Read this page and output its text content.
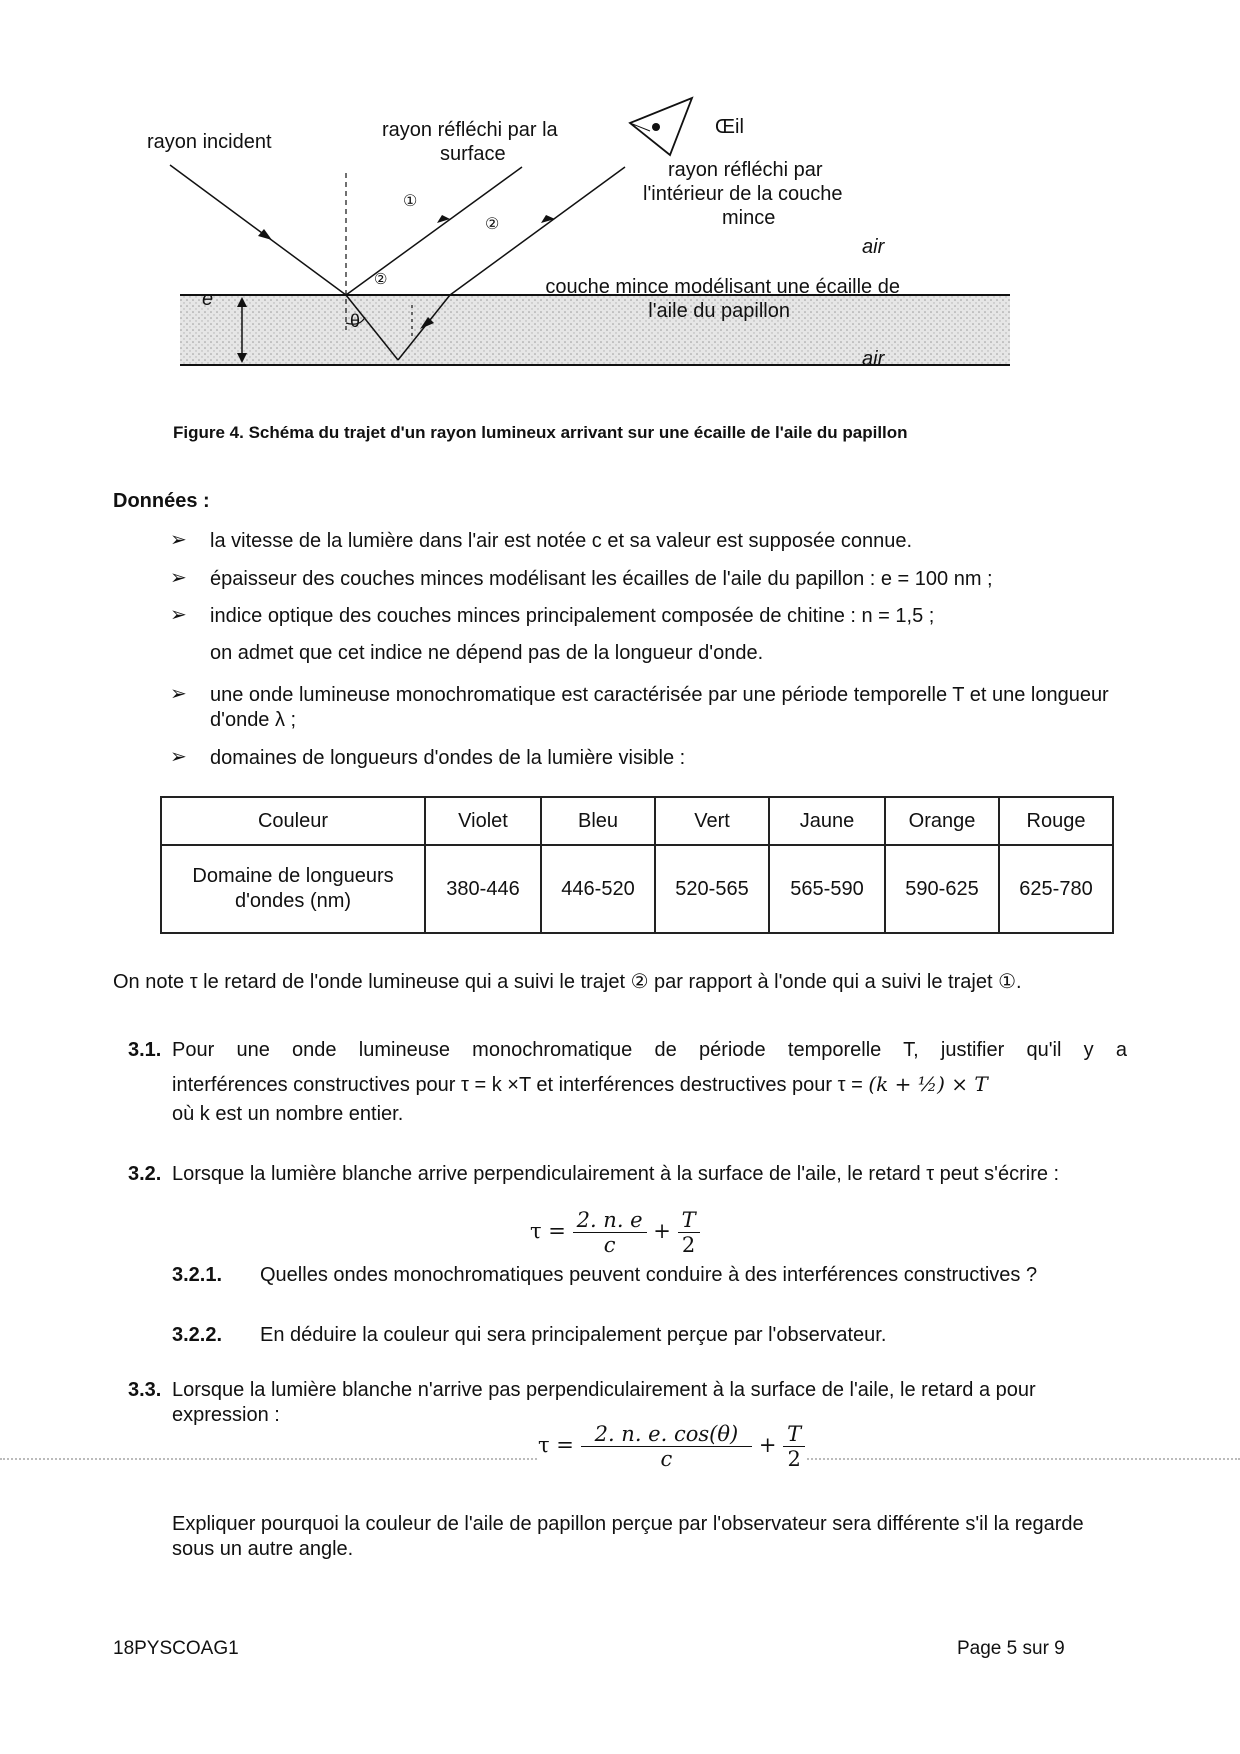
rayon incident
rayon réfléchi par la
surface
Œil
rayon réfléchi par
l'intérieur de la couche
mince
air
air
e
θ
①
②
②	couche mince modélisant une écaille de
l'aile du papillon
Figure 4. Schéma du trajet d'un rayon lumineux arrivant sur une écaille de l'aile du papillon
Données :
➢ la vitesse de la lumière dans l'air est notée c et sa valeur est supposée connue.
➢ épaisseur des couches minces modélisant les écailles de l'aile du papillon : e = 100 nm ;
➢ indice optique des couches minces principalement composée de chitine : n = 1,5 ;
on admet que cet indice ne dépend pas de la longueur d'onde.
➢ une onde lumineuse monochromatique est caractérisée par une période temporelle T et une longueur d'onde λ ;
➢ domaines de longueurs d'ondes de la lumière visible :
Couleur	Violet	Bleu	Vert	Jaune	Orange	Rouge
Domaine de longueurs d'ondes (nm)	380-446	446-520	520-565	565-590	590-625	625-780
On note τ le retard de l'onde lumineuse qui a suivi le trajet ② par rapport à l'onde qui a suivi le trajet ①.
3.1. Pour une onde lumineuse monochromatique de période temporelle T, justifier qu'il y a
interférences constructives pour τ = k ×T et interférences destructives pour τ = (k + ½) × T
où k est un nombre entier.
3.2. Lorsque la lumière blanche arrive perpendiculairement à la surface de l'aile, le retard τ peut s'écrire :
$\tau = \frac{2. n. e}{c} + \frac{T}{2}$
3.2.1. Quelles ondes monochromatiques peuvent conduire à des interférences constructives ?
3.2.2. En déduire la couleur qui sera principalement perçue par l'observateur.
3.3. Lorsque la lumière blanche n'arrive pas perpendiculairement à la surface de l'aile, le retard a pour expression :
$\tau = \frac{2. n. e. \cos(\theta)}{c} + \frac{T}{2}$
Expliquer pourquoi la couleur de l'aile de papillon perçue par l'observateur sera différente s'il la regarde sous un autre angle.
18PYSCOAG1	Page 5 sur 9
